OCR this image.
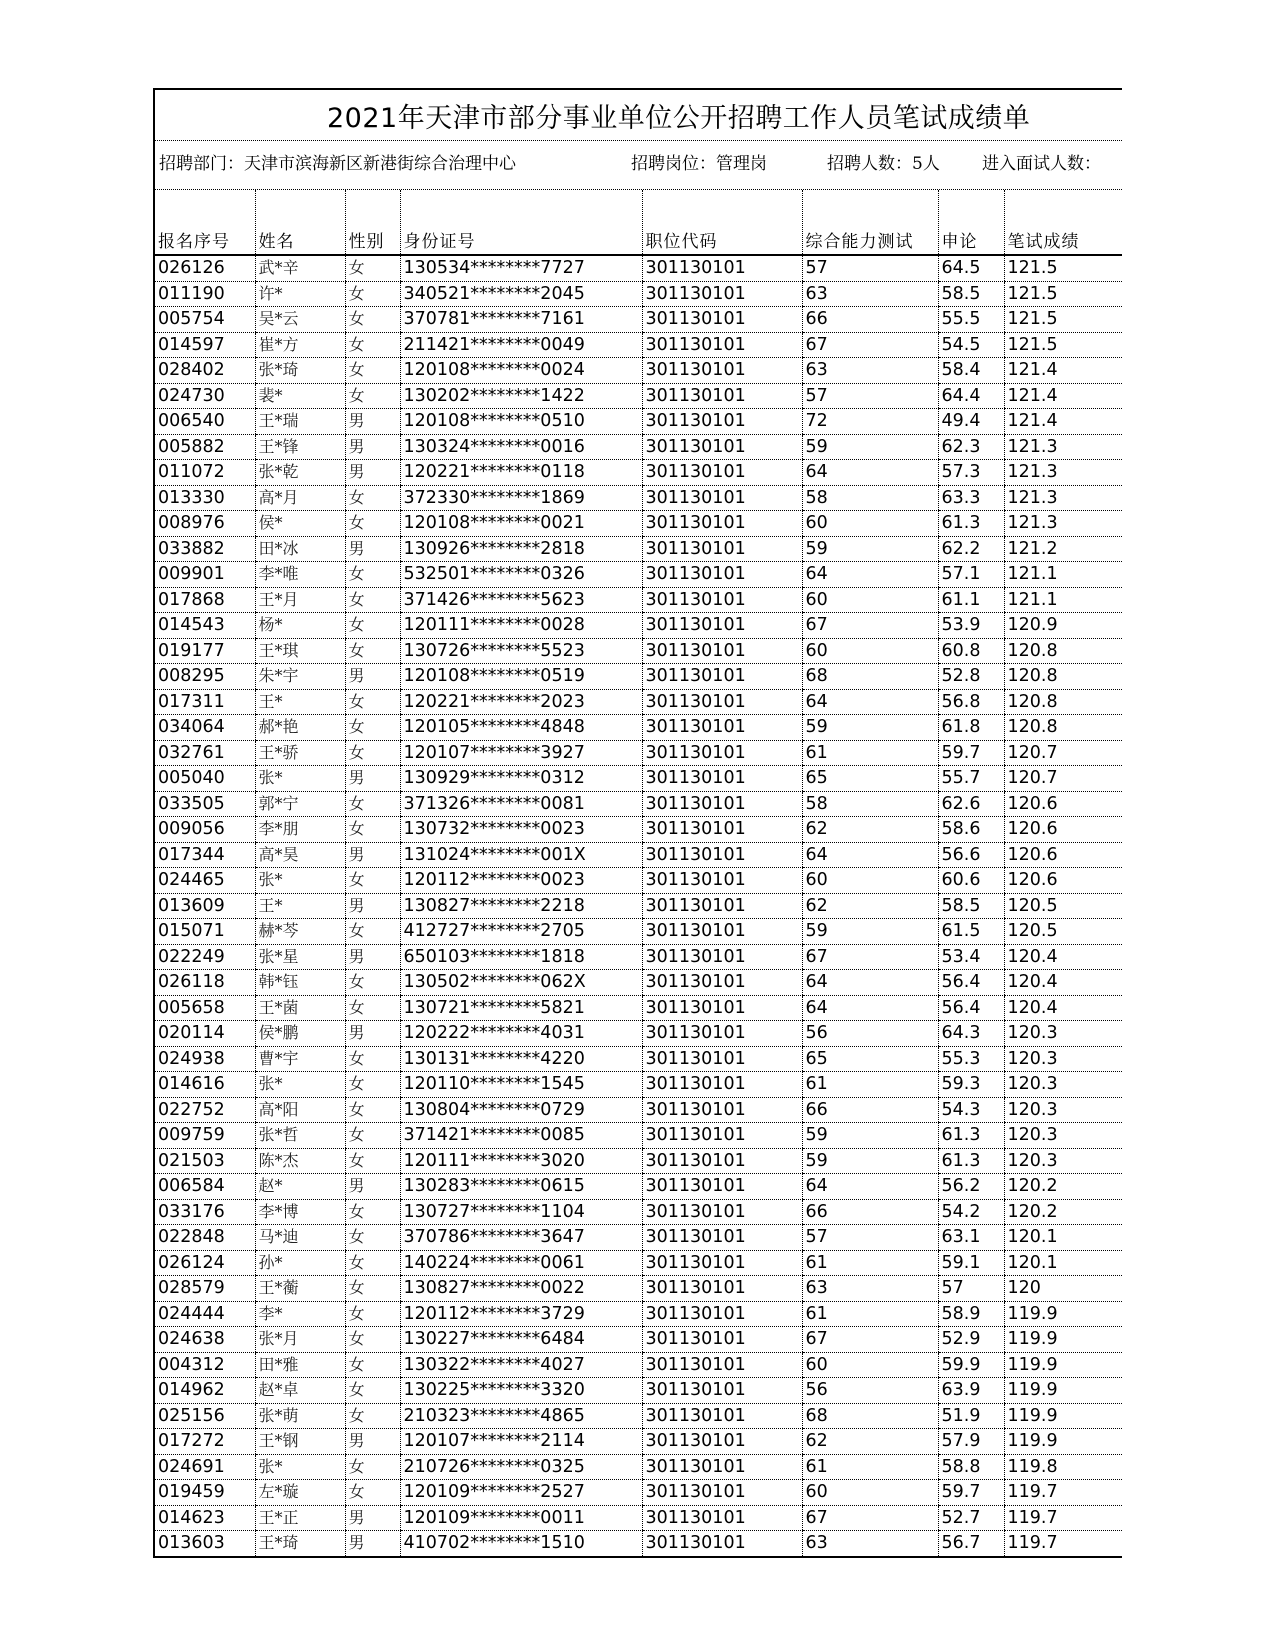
2021年天津市部分事业单位公开招聘工作人员笔试成绩单
招聘部门：天津市滨海新区新港街综合治理中心	招聘岗位：管理岗	招聘人数：5人	进入面试人数：
报名序号	姓名	性别	身份证号	职位代码	综合能力测试	申论	笔试成绩
026126	武*辛	女	130534********7727	301130101	57	64.5	121.5
011190	许*	女	340521********2045	301130101	63	58.5	121.5
005754	吴*云	女	370781********7161	301130101	66	55.5	121.5
014597	崔*方	女	211421********0049	301130101	67	54.5	121.5
028402	张*琦	女	120108********0024	301130101	63	58.4	121.4
024730	裴*	女	130202********1422	301130101	57	64.4	121.4
006540	王*瑞	男	120108********0510	301130101	72	49.4	121.4
005882	王*锋	男	130324********0016	301130101	59	62.3	121.3
011072	张*乾	男	120221********0118	301130101	64	57.3	121.3
013330	高*月	女	372330********1869	301130101	58	63.3	121.3
008976	侯*	女	120108********0021	301130101	60	61.3	121.3
033882	田*冰	男	130926********2818	301130101	59	62.2	121.2
009901	李*唯	女	532501********0326	301130101	64	57.1	121.1
017868	王*月	女	371426********5623	301130101	60	61.1	121.1
014543	杨*	女	120111********0028	301130101	67	53.9	120.9
019177	王*琪	女	130726********5523	301130101	60	60.8	120.8
008295	朱*宇	男	120108********0519	301130101	68	52.8	120.8
017311	王*	女	120221********2023	301130101	64	56.8	120.8
034064	郝*艳	女	120105********4848	301130101	59	61.8	120.8
032761	王*骄	女	120107********3927	301130101	61	59.7	120.7
005040	张*	男	130929********0312	301130101	65	55.7	120.7
033505	郭*宁	女	371326********0081	301130101	58	62.6	120.6
009056	李*朋	女	130732********0023	301130101	62	58.6	120.6
017344	高*昊	男	131024********001X	301130101	64	56.6	120.6
024465	张*	女	120112********0023	301130101	60	60.6	120.6
013609	王*	男	130827********2218	301130101	62	58.5	120.5
015071	赫*芩	女	412727********2705	301130101	59	61.5	120.5
022249	张*星	男	650103********1818	301130101	67	53.4	120.4
026118	韩*钰	女	130502********062X	301130101	64	56.4	120.4
005658	王*菌	女	130721********5821	301130101	64	56.4	120.4
020114	侯*鹏	男	120222********4031	301130101	56	64.3	120.3
024938	曹*宇	女	130131********4220	301130101	65	55.3	120.3
014616	张*	女	120110********1545	301130101	61	59.3	120.3
022752	高*阳	女	130804********0729	301130101	66	54.3	120.3
009759	张*哲	女	371421********0085	301130101	59	61.3	120.3
021503	陈*杰	女	120111********3020	301130101	59	61.3	120.3
006584	赵*	男	130283********0615	301130101	64	56.2	120.2
033176	李*博	女	130727********1104	301130101	66	54.2	120.2
022848	马*迪	女	370786********3647	301130101	57	63.1	120.1
026124	孙*	女	140224********0061	301130101	61	59.1	120.1
028579	王*蘅	女	130827********0022	301130101	63	57	120
024444	李*	女	120112********3729	301130101	61	58.9	119.9
024638	张*月	女	130227********6484	301130101	67	52.9	119.9
004312	田*雅	女	130322********4027	301130101	60	59.9	119.9
014962	赵*卓	女	130225********3320	301130101	56	63.9	119.9
025156	张*萌	女	210323********4865	301130101	68	51.9	119.9
017272	王*钢	男	120107********2114	301130101	62	57.9	119.9
024691	张*	女	210726********0325	301130101	61	58.8	119.8
019459	左*璇	女	120109********2527	301130101	60	59.7	119.7
014623	王*正	男	120109********0011	301130101	67	52.7	119.7
013603	王*琦	男	410702********1510	301130101	63	56.7	119.7
